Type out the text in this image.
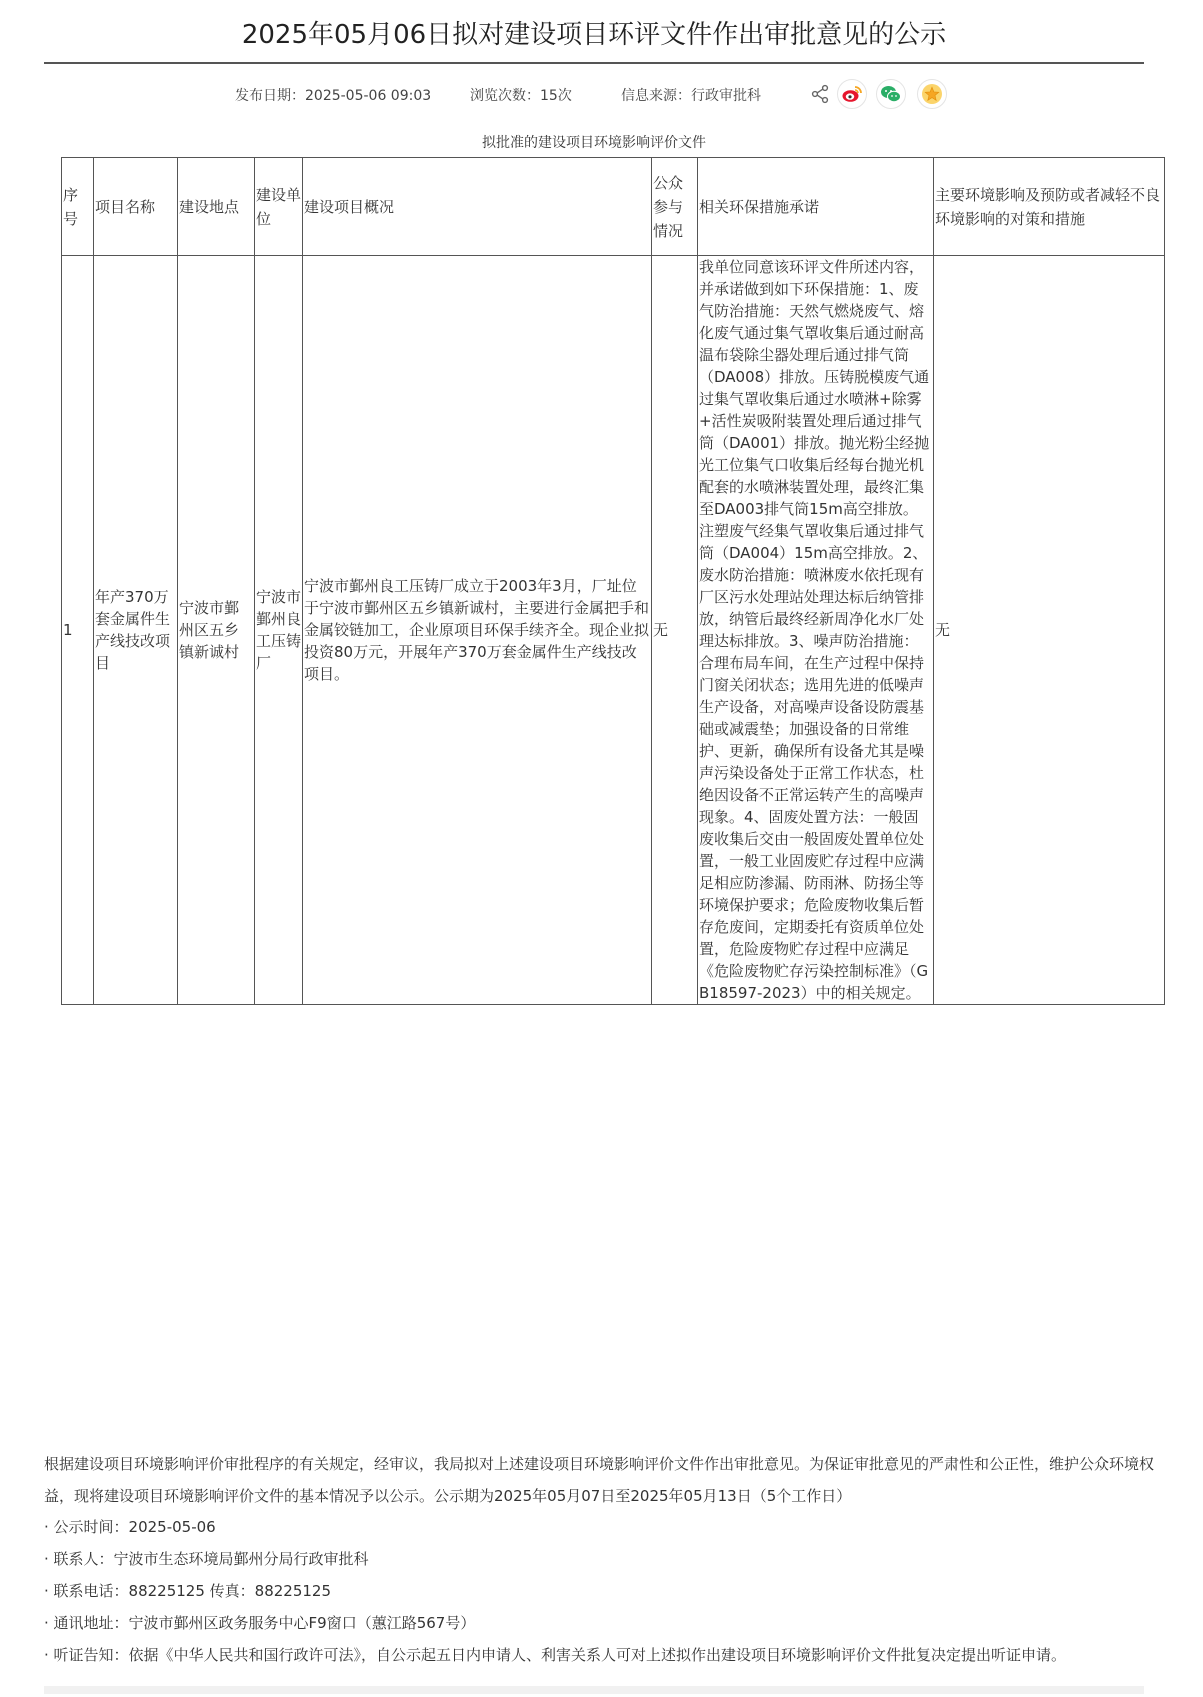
2025年05月06日拟对建设项目环评文件作出审批意见的公示
发布日期：2025-05-06 09:03	浏览次数：15次	信息来源：行政审批科
拟批准的建设项目环境影响评价文件
序号	项目名称	建设地点	建设单位	建设项目概况	公众参与情况	相关环保措施承诺	主要环境影响及预防或者减轻不良环境影响的对策和措施
1	年产370万套金属件生产线技改项目	宁波市鄞州区五乡镇新诚村	宁波市鄞州良工压铸厂	宁波市鄞州良工压铸厂成立于2003年3月，厂址位于宁波市鄞州区五乡镇新诚村，主要进行金属把手和金属铰链加工，企业原项目环保手续齐全。现企业拟投资80万元，开展年产370万套金属件生产线技改项目。	无	我单位同意该环评文件所述内容，并承诺做到如下环保措施：1、废气防治措施：天然气燃烧废气、熔化废气通过集气罩收集后通过耐高温布袋除尘器处理后通过排气筒（DA008）排放。压铸脱模废气通过集气罩收集后通过水喷淋+除雾+活性炭吸附装置处理后通过排气筒（DA001）排放。抛光粉尘经抛光工位集气口收集后经每台抛光机配套的水喷淋装置处理，最终汇集至DA003排气筒15m高空排放。注塑废气经集气罩收集后通过排气筒（DA004）15m高空排放。2、废水防治措施：喷淋废水依托现有厂区污水处理站处理达标后纳管排放，纳管后最终经新周净化水厂处理达标排放。3、噪声防治措施：合理布局车间，在生产过程中保持门窗关闭状态；选用先进的低噪声生产设备，对高噪声设备设防震基础或减震垫；加强设备的日常维护、更新，确保所有设备尤其是噪声污染设备处于正常工作状态，杜绝因设备不正常运转产生的高噪声现象。4、固废处置方法：一般固废收集后交由一般固废处置单位处置，一般工业固废贮存过程中应满足相应防渗漏、防雨淋、防扬尘等环境保护要求；危险废物收集后暂存危废间，定期委托有资质单位处置，危险废物贮存过程中应满足《危险废物贮存污染控制标准》（GB18597-2023）中的相关规定。	无
根据建设项目环境影响评价审批程序的有关规定，经审议，我局拟对上述建设项目环境影响评价文件作出审批意见。为保证审批意见的严肃性和公正性，维护公众环境权益，现将建设项目环境影响评价文件的基本情况予以公示。公示期为2025年05月07日至2025年05月13日（5个工作日）
· 公示时间：2025-05-06
· 联系人：宁波市生态环境局鄞州分局行政审批科
· 联系电话：88225125 传真：88225125
· 通讯地址：宁波市鄞州区政务服务中心F9窗口（蕙江路567号）
· 听证告知：依据《中华人民共和国行政许可法》，自公示起五日内申请人、利害关系人可对上述拟作出建设项目环境影响评价文件批复决定提出听证申请。
